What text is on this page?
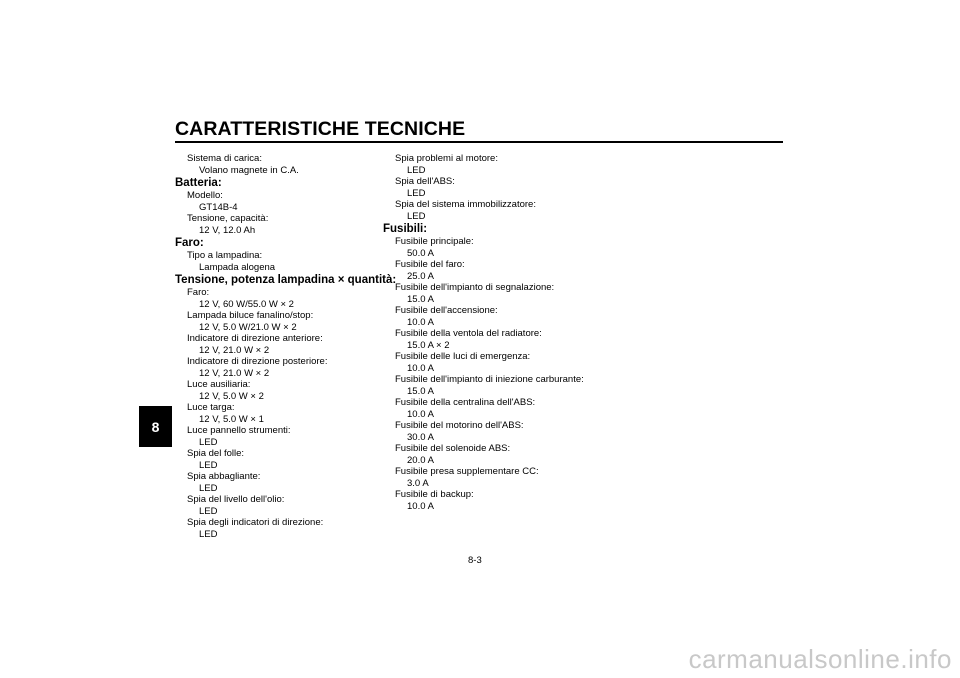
CARATTERISTICHE TECNICHE
8
Sistema di carica:
Volano magnete in C.A.
Batteria:
Modello:
GT14B-4
Tensione, capacità:
12 V, 12.0 Ah
Faro:
Tipo a lampadina:
Lampada alogena
Tensione, potenza lampadina × quantità:
Faro:
12 V, 60 W/55.0 W × 2
Lampada biluce fanalino/stop:
12 V, 5.0 W/21.0 W × 2
Indicatore di direzione anteriore:
12 V, 21.0 W × 2
Indicatore di direzione posteriore:
12 V, 21.0 W × 2
Luce ausiliaria:
12 V, 5.0 W × 2
Luce targa:
12 V, 5.0 W × 1
Luce pannello strumenti:
LED
Spia del folle:
LED
Spia abbagliante:
LED
Spia del livello dell'olio:
LED
Spia degli indicatori di direzione:
LED
Spia problemi al motore:
LED
Spia dell'ABS:
LED
Spia del sistema immobilizzatore:
LED
Fusibili:
Fusibile principale:
50.0 A
Fusibile del faro:
25.0 A
Fusibile dell'impianto di segnalazione:
15.0 A
Fusibile dell'accensione:
10.0 A
Fusibile della ventola del radiatore:
15.0 A × 2
Fusibile delle luci di emergenza:
10.0 A
Fusibile dell'impianto di iniezione carburante:
15.0 A
Fusibile della centralina dell'ABS:
10.0 A
Fusibile del motorino dell'ABS:
30.0 A
Fusibile del solenoide ABS:
20.0 A
Fusibile presa supplementare CC:
3.0 A
Fusibile di backup:
10.0 A
8-3
carmanualsonline.info
